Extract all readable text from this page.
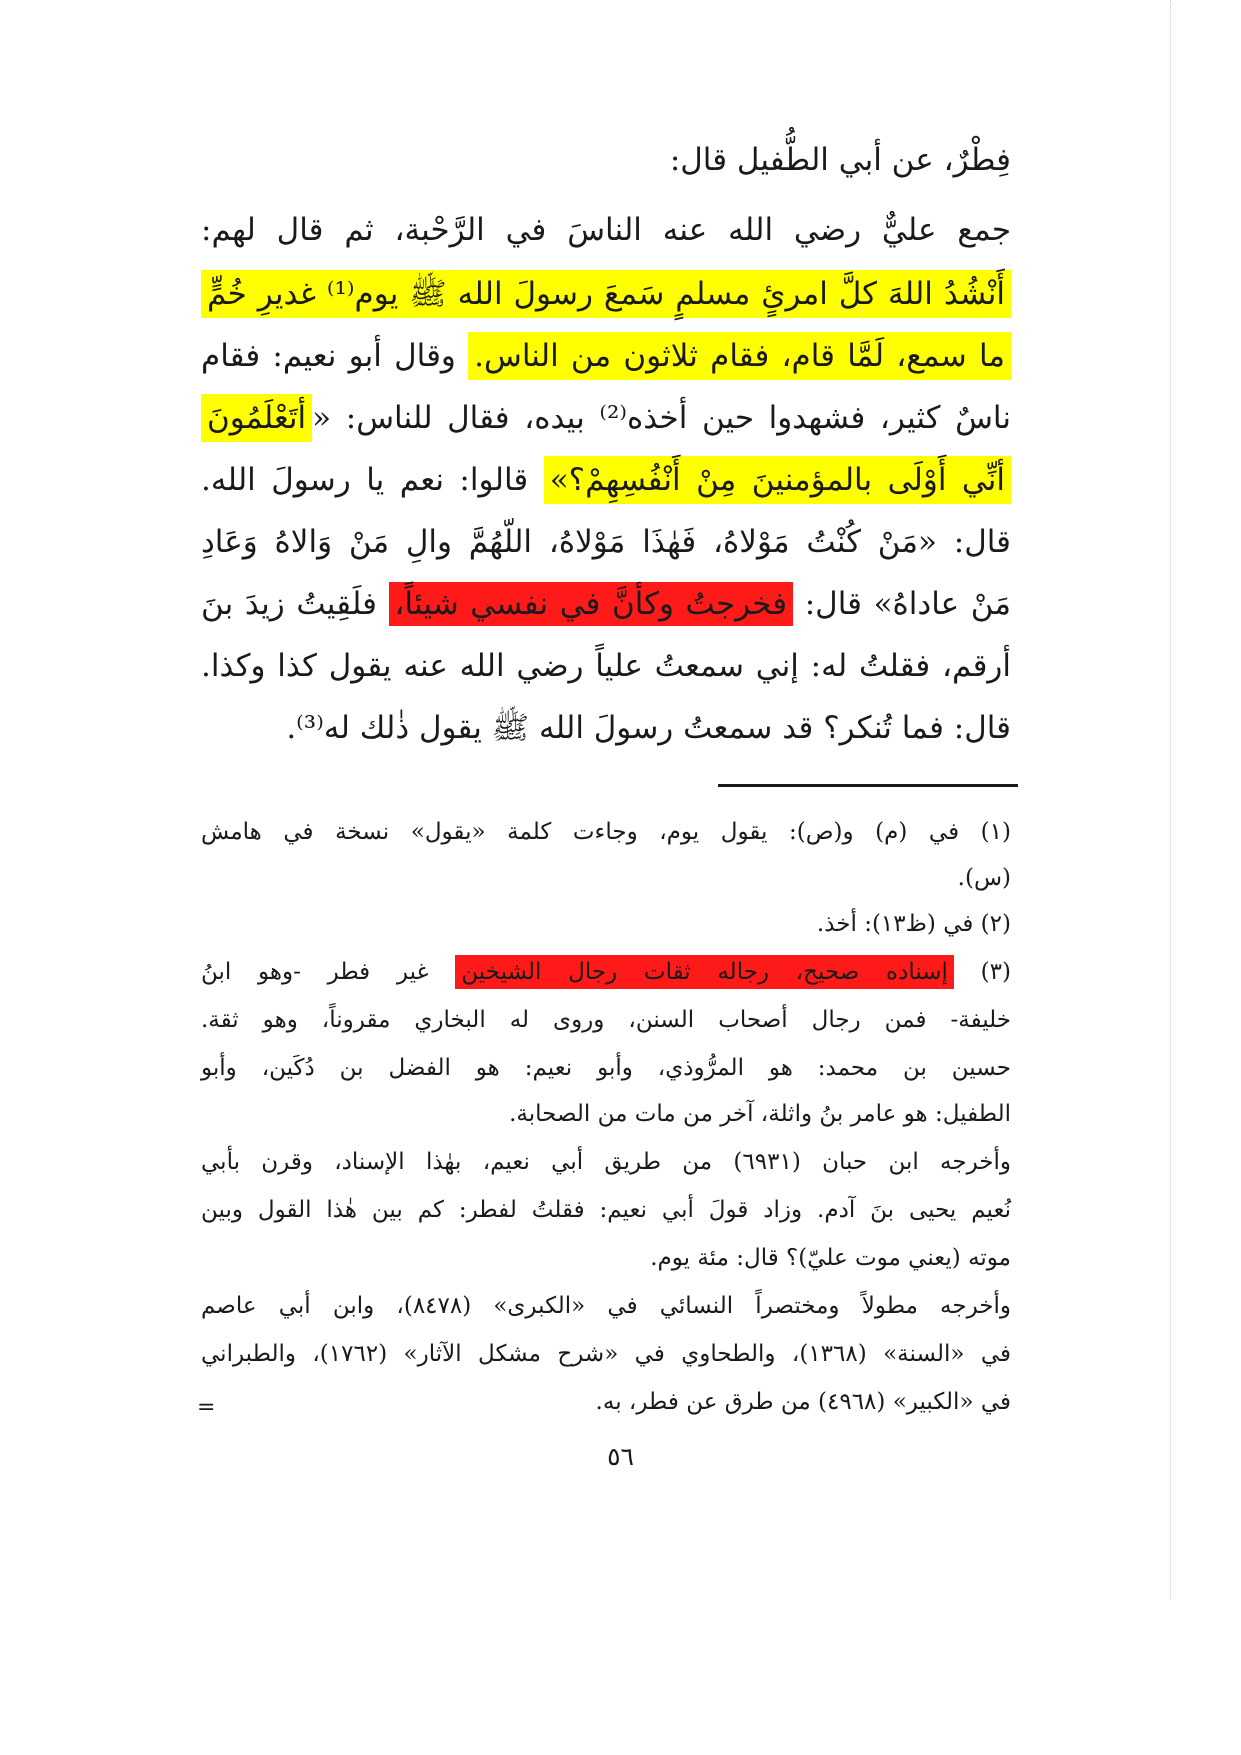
فِطْرٌ، عن أبي الطُّفيل قال:
جمع عليٌّ رضي الله عنه الناسَ في الرَّحْبة، ثم قال لهم:
أَنْشُدُ اللهَ كلَّ امرئٍ مسلمٍ سَمعَ رسولَ الله ﷺ يوم⁽¹⁾ غديرِ خُمٍّ
ما سمع، لَمَّا قام، فقام ثلاثون من الناس. وقال أبو نعيم: فقام
ناسٌ كثير، فشهدوا حين أخذه⁽²⁾ بيده، فقال للناس: «أتَعْلَمُونَ
أنِّي أَوْلَى بالمؤمنينَ مِنْ أَنْفُسِهِمْ؟» قالوا: نعم يا رسولَ الله.
قال: «مَنْ كُنْتُ مَوْلاهُ، فَهٰذَا مَوْلاهُ، اللّهُمَّ والِ مَنْ وَالاهُ وَعَادِ
مَنْ عاداهُ» قال: فخرجتُ وكأنَّ في نفسي شيئاً، فلَقِيتُ زيدَ بنَ
أرقم، فقلتُ له: إني سمعتُ علياً رضي الله عنه يقول كذا وكذا.
قال: فما تُنكر؟ قد سمعتُ رسولَ الله ﷺ يقول ذٰلك له⁽³⁾.
(١) في (م) و(ص): يقول يوم، وجاءت كلمة «يقول» نسخة في هامش
(س).
(٢) في (ظ١٣): أخذ.
(٣) إسناده صحيح، رجاله ثقات رجال الشيخين غير فطر -وهو ابنُ
خليفة- فمن رجال أصحاب السنن، وروى له البخاري مقروناً، وهو ثقة.
حسين بن محمد: هو المرُّوذي، وأبو نعيم: هو الفضل بن دُكَين، وأبو
الطفيل: هو عامر بنُ واثلة، آخر من مات من الصحابة.
وأخرجه ابن حبان (٦٩٣١) من طريق أبي نعيم، بهٰذا الإسناد، وقرن بأبي
نُعيم يحيى بنَ آدم. وزاد قولَ أبي نعيم: فقلتُ لفطر: كم بين هٰذا القول وبين
موته (يعني موت عليّ)؟ قال: مئة يوم.
وأخرجه مطولاً ومختصراً النسائي في «الكبرى» (٨٤٧٨)، وابن أبي عاصم
في «السنة» (١٣٦٨)، والطحاوي في «شرح مشكل الآثار» (١٧٦٢)، والطبراني
في «الكبير» (٤٩٦٨) من طرق عن فطر، به.
=
٥٦
